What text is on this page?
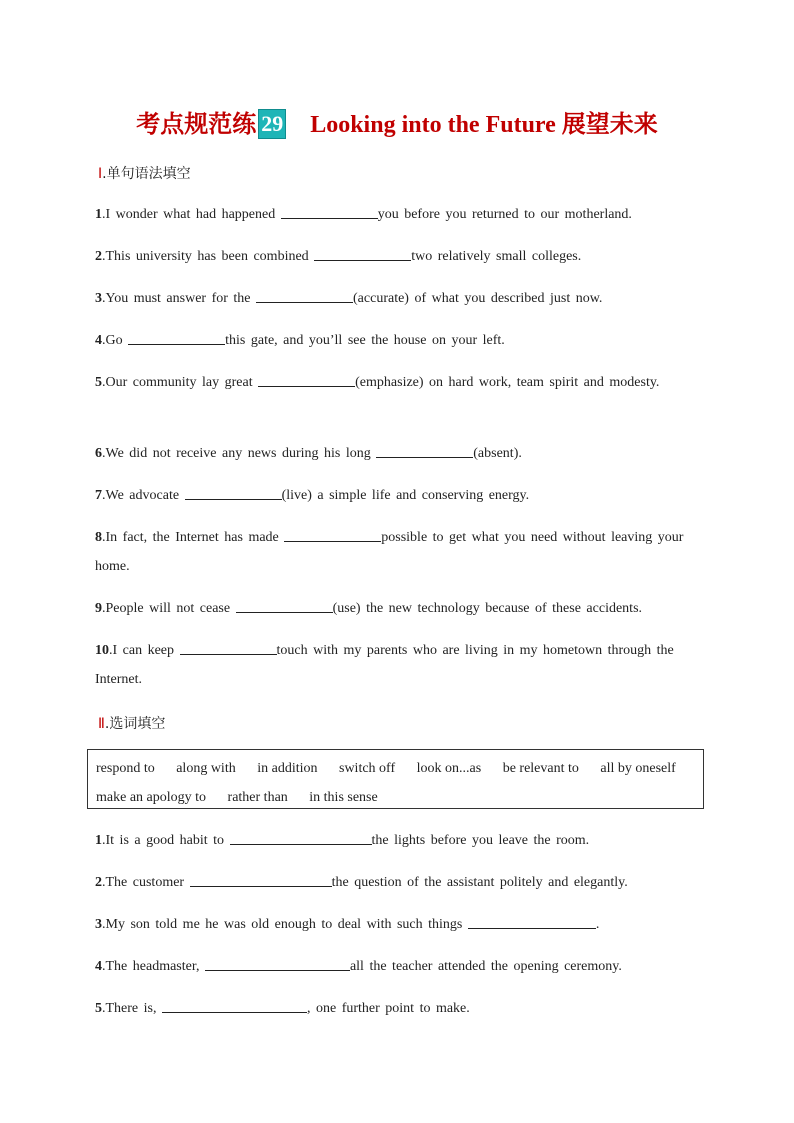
考点规范练 29 Looking into the Future 展望未来
Ⅰ.单句语法填空
1.I wonder what had happened	you before you returned to our motherland.
2.This university has been combined	two relatively small colleges.
3.You must answer for the	(accurate) of what you described just now.
4.Go	this gate, and you’ll see the house on your left.
5.Our community lay great	(emphasize) on hard work, team spirit and modesty.
6.We did not receive any news during his long	(absent).
7.We advocate	(live) a simple life and conserving energy.
8.In fact, the Internet has made	possible to get what you need without leaving your home.
9.People will not cease	(use) the new technology because of these accidents.
10.I can keep	touch with my parents who are living in my hometown through the Internet.
Ⅱ.选词填空
respond to along with in addition switch off look on...as be relevant to all by oneself make an apology to rather than in this sense
1.It is a good habit to	the lights before you leave the room.
2.The customer	the question of the assistant politely and elegantly.
3.My son told me he was old enough to deal with such things	.
4.The headmaster,	all the teacher attended the opening ceremony.
5.There is,	, one further point to make.
